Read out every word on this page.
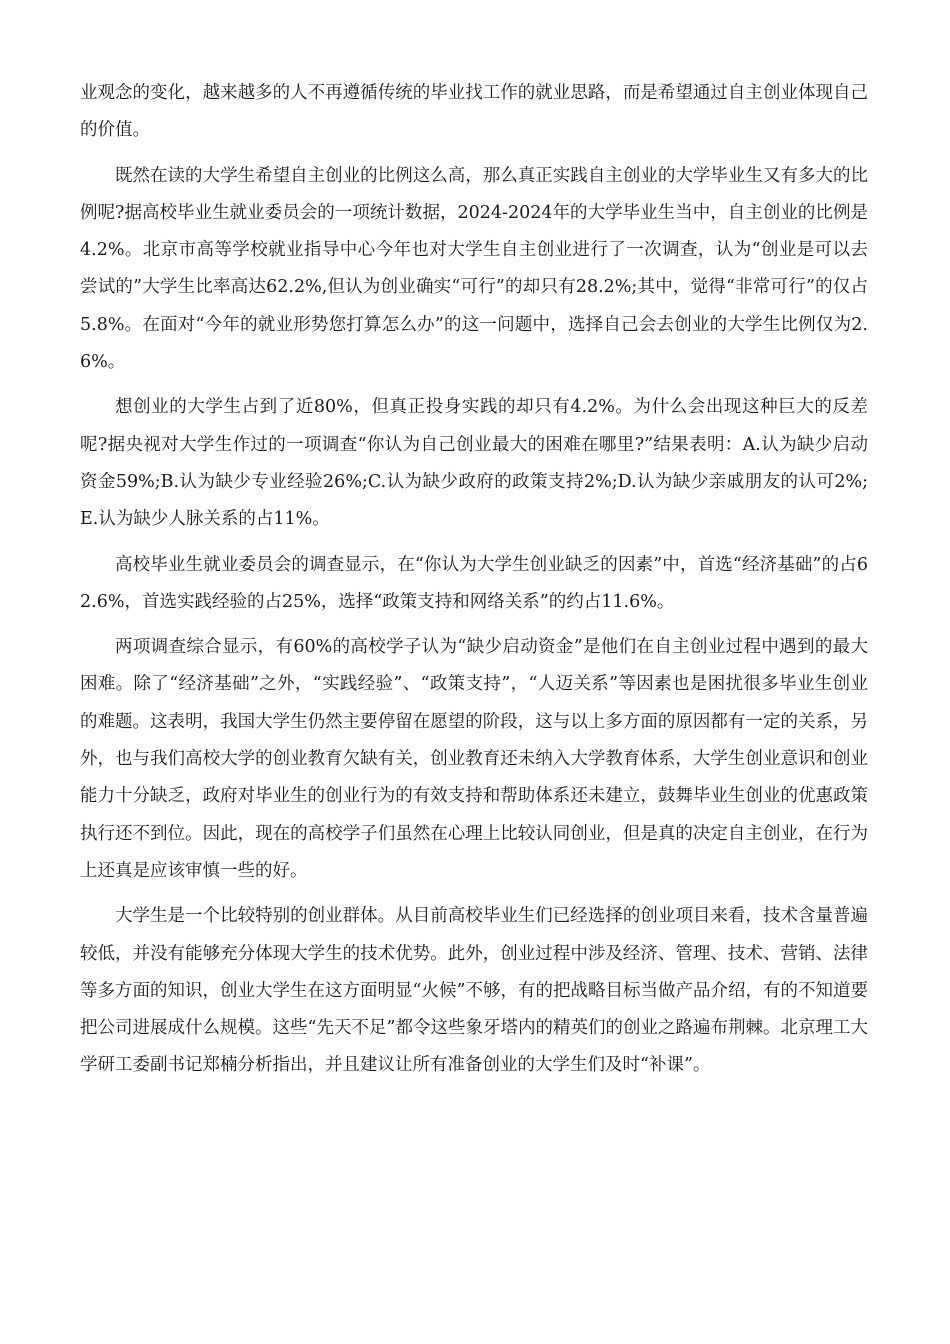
业观念的变化，越来越多的人不再遵循传统的毕业找工作的就业思路，而是希望通过自主创业体现自己的价值。

既然在读的大学生希望自主创业的比例这么高，那么真正实践自主创业的大学毕业生又有多大的比例呢?据高校毕业生就业委员会的一项统计数据，2024-2024年的大学毕业生当中，自主创业的比例是4.2%。北京市高等学校就业指导中心今年也对大学生自主创业进行了一次调查，认为“创业是可以去尝试的”大学生比率高达62.2%,但认为创业确实“可行”的却只有28.2%;其中，觉得“非常可行”的仅占5.8%。在面对“今年的就业形势您打算怎么办”的这一问题中，选择自己会去创业的大学生比例仅为2.6%。

想创业的大学生占到了近80%，但真正投身实践的却只有4.2%。为什么会出现这种巨大的反差呢?据央视对大学生作过的一项调查“你认为自己创业最大的困难在哪里?”结果表明：A.认为缺少启动资金59%;B.认为缺少专业经验26%;C.认为缺少政府的政策支持2%;D.认为缺少亲戚朋友的认可2%;E.认为缺少人脉关系的占11%。

高校毕业生就业委员会的调查显示，在“你认为大学生创业缺乏的因素”中，首选“经济基础”的占62.6%，首选实践经验的占25%，选择“政策支持和网络关系”的约占11.6%。

两项调查综合显示，有60%的高校学子认为“缺少启动资金”是他们在自主创业过程中遇到的最大困难。除了“经济基础”之外，“实践经验”、“政策支持”，“人迈关系”等因素也是困扰很多毕业生创业的难题。这表明，我国大学生仍然主要停留在愿望的阶段，这与以上多方面的原因都有一定的关系，另外，也与我们高校大学的创业教育欠缺有关，创业教育还未纳入大学教育体系，大学生创业意识和创业能力十分缺乏，政府对毕业生的创业行为的有效支持和帮助体系还未建立，鼓舞毕业生创业的优惠政策执行还不到位。因此，现在的高校学子们虽然在心理上比较认同创业，但是真的决定自主创业，在行为上还真是应该审慎一些的好。

大学生是一个比较特别的创业群体。从目前高校毕业生们已经选择的创业项目来看，技术含量普遍较低，并没有能够充分体现大学生的技术优势。此外，创业过程中涉及经济、管理、技术、营销、法律等多方面的知识，创业大学生在这方面明显“火候”不够，有的把战略目标当做产品介绍，有的不知道要把公司进展成什么规模。这些“先天不足”都令这些象牙塔内的精英们的创业之路遍布荆棘。北京理工大学研工委副书记郑楠分析指出，并且建议让所有准备创业的大学生们及时“补课”。
